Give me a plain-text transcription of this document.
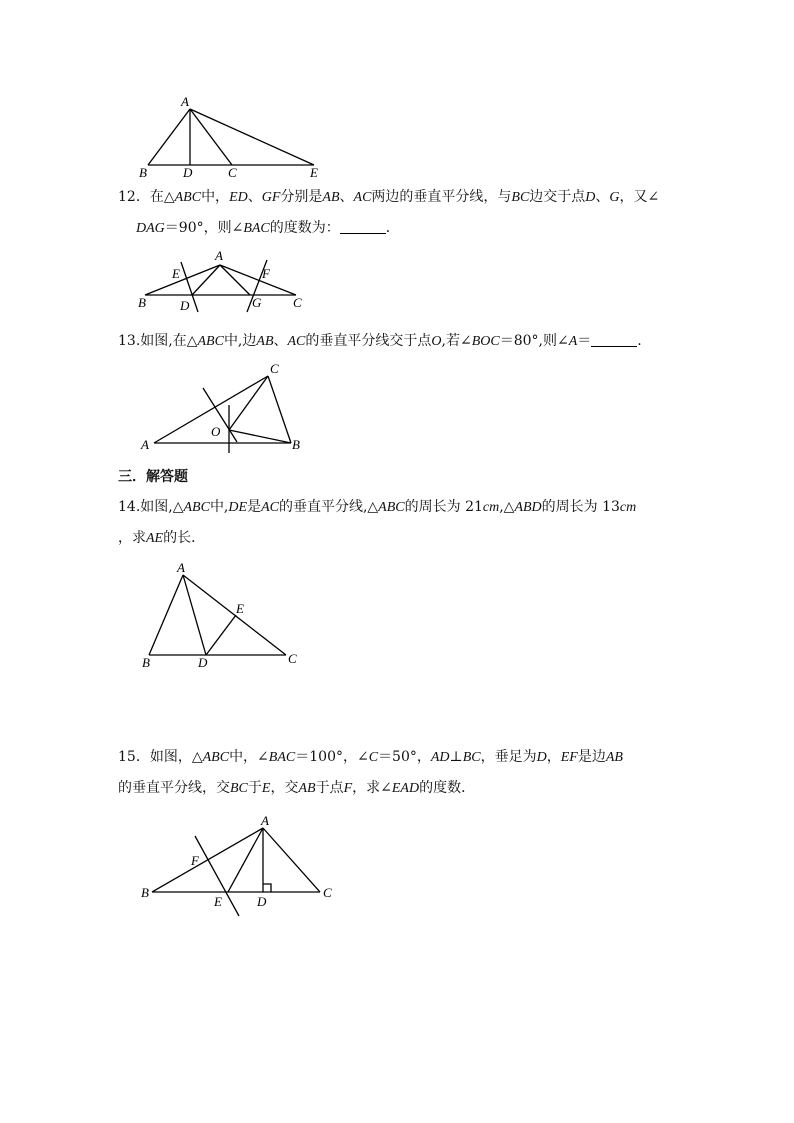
A
B	D	C	E
12．在△ABC中，ED、GF分别是AB、AC两边的垂直平分线，与BC边交于点D、G，又∠
DAG＝90°，则∠BAC的度数为：	．
A
E	F
B	D	G C
13.如图,在△ABC中,边AB、AC的垂直平分线交于点O,若∠BOC＝80°,则∠A＝	.
C
O
A	B
三．解答题
14.如图,△ABC中,DE是AC的垂直平分线,△ABC的周长为 21cm,△ABD的周长为 13cm
，求AE的长．
A
E
B	D	C
15．如图，△ABC中，∠BAC＝100°，∠C＝50°，AD⊥BC，垂足为D，EF是边AB
的垂直平分线，交BC于E，交AB于点F，求∠EAD的度数．
A
F
B
E	D
C
